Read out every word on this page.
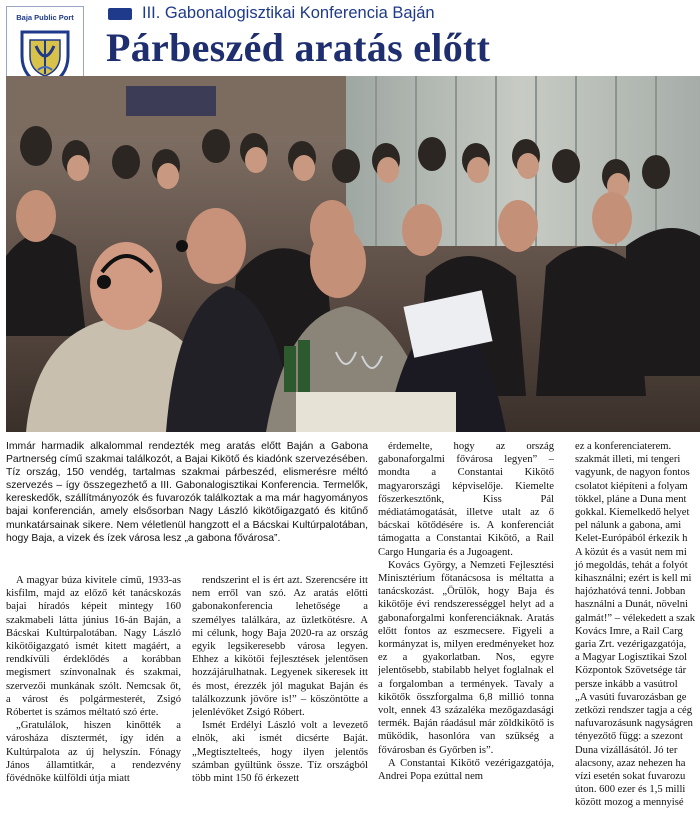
Baja Public Port	III. Gabonalogisztikai Konferencia Baján
Párbeszéd aratás előtt
Immár harmadik alkalommal rendezték meg aratás előtt Baján a Gabona Partnerség című szakmai találkozót, a Bajai Kikötő és kiadónk szervezésében. Tíz ország, 150 vendég, tartalmas szakmai párbeszéd, elismerésre méltó szervezés – így összegezhető a III. Gabonalogisztikai Konferencia. Termelők, kereskedők, szállítmányozók és fuvarozók találkoztak a ma már hagyományos bajai konferencián, amely elsősorban Nagy László kikötőigazgató és kitűnő munkatársainak sikere. Nem véletlenül hangzott el a Bácskai Kultúrpalotában, hogy Baja, a vizek és ízek városa lesz „a gabona fővárosa”.

A magyar búza kivitele című, 1933-as kisfilm, majd az előző két tanácskozás bajai híradós képeit mintegy 160 szakmabeli látta június 16-án Baján, a Bácskai Kultúrpalotában. Nagy László kikötőigazgató ismét kitett magáért, a rendkívüli érdeklődés a korábban megismert színvonalnak és szakmai, szervezői munkának szólt. Nemcsak őt, a várost és polgármesterét, Zsigó Róbertet is számos méltató szó érte.

„Gratulálok, hiszen kinőtték a városháza dísztermét, így idén a Kultúrpalota az új helyszín. Fónagy János államtitkár, a rendezvény fővédnöke külföldi útja miatt

rendszerint el is ért azt. Szerencsére itt nem erről van szó. Az aratás előtti gabonakonferencia lehetősége a személyes találkára, az üzletkötésre. A mi célunk, hogy Baja 2020-ra az ország egyik legsikeresebb városa legyen. Ehhez a kikötői fejlesztések jelentősen hozzájárulhatnak. Legyenek sikeresek itt és most, érezzék jól magukat Baján és találkozzunk jövőre is!” – köszöntötte a jelenlévőket Zsigó Róbert.

Ismét Erdélyi László volt a levezető elnök, aki ismét dicsérte Baját. „Megtisztelteés, hogy ilyen jelentős számban gyűltünk össze. Tíz országból több mint 150 fő érkezett

érdemelte, hogy az ország gabonaforgalmi fővárosa legyen” – mondta a Constantai Kikötő magyarországi képviselője. Kiemelte főszerkesztőnk, Kiss Pál médiatámogatását, illetve utalt az ő bácskai kötődésére is. A konferenciát támogatta a Constantai Kikötő, a Rail Cargo Hungaria és a Jugoagent.

Kovács György, a Nemzeti Fejlesztési Minisztérium főtanácsosa is méltatta a tanácskozást. „Örülök, hogy Baja és kikötője évi rendszerességgel helyt ad a gabonaforgalmi konferenciáknak. Aratás előtt fontos az eszmecsere. Figyeli a kormányzat is, milyen eredményeket hoz ez a gyakorlatban. Nos, egyre jelentősebb, stabilabb helyet foglalnak el a forgalomban a termények. Tavaly a kikötők összforgalma 6,8 millió tonna volt, ennek 43 százaléka mezőgazdasági termék. Baján ráadásul már zöldkikötő is működik, hasonlóra van szükség a fővárosban és Győrben is”.

A Constantai Kikötő vezérigazgatója, Andrei Popa ezúttal nem

ez a konferenciaterem.

szakmát illeti, mi tengeri

vagyunk, de nagyon fontos

csolatot kiépíteni a folyam

tökkel, pláne a Duna ment

gokkal. Kiemelkedő helyet

pel nálunk a gabona, ami

Kelet-Európából érkezik h

A közút és a vasút nem mi

jó megoldás, tehát a folyót

kihasználni; ezért is kell mi

hajózhatóvá tenni. Jobban

használni a Dunát, növelni

galmát!” – vélekedett a szak

Kovács Imre, a Rail Carg

garia Zrt. vezérigazgatója,

a Magyar Logisztikai Szol

Központok Szövetsége tár

persze inkább a vasútrol

„A vasúti fuvarozásban ge

zetközi rendszer tagja a cég

nafuvarozásunk nagyságren

tényezőtő függ: a szezont

Duna vízállásától. Jó ter

alacsony, azaz nehezen ha

vízi esetén sokat fuvarozu

úton. 600 ezer és 1,5 milli

között mozog a mennyisé
